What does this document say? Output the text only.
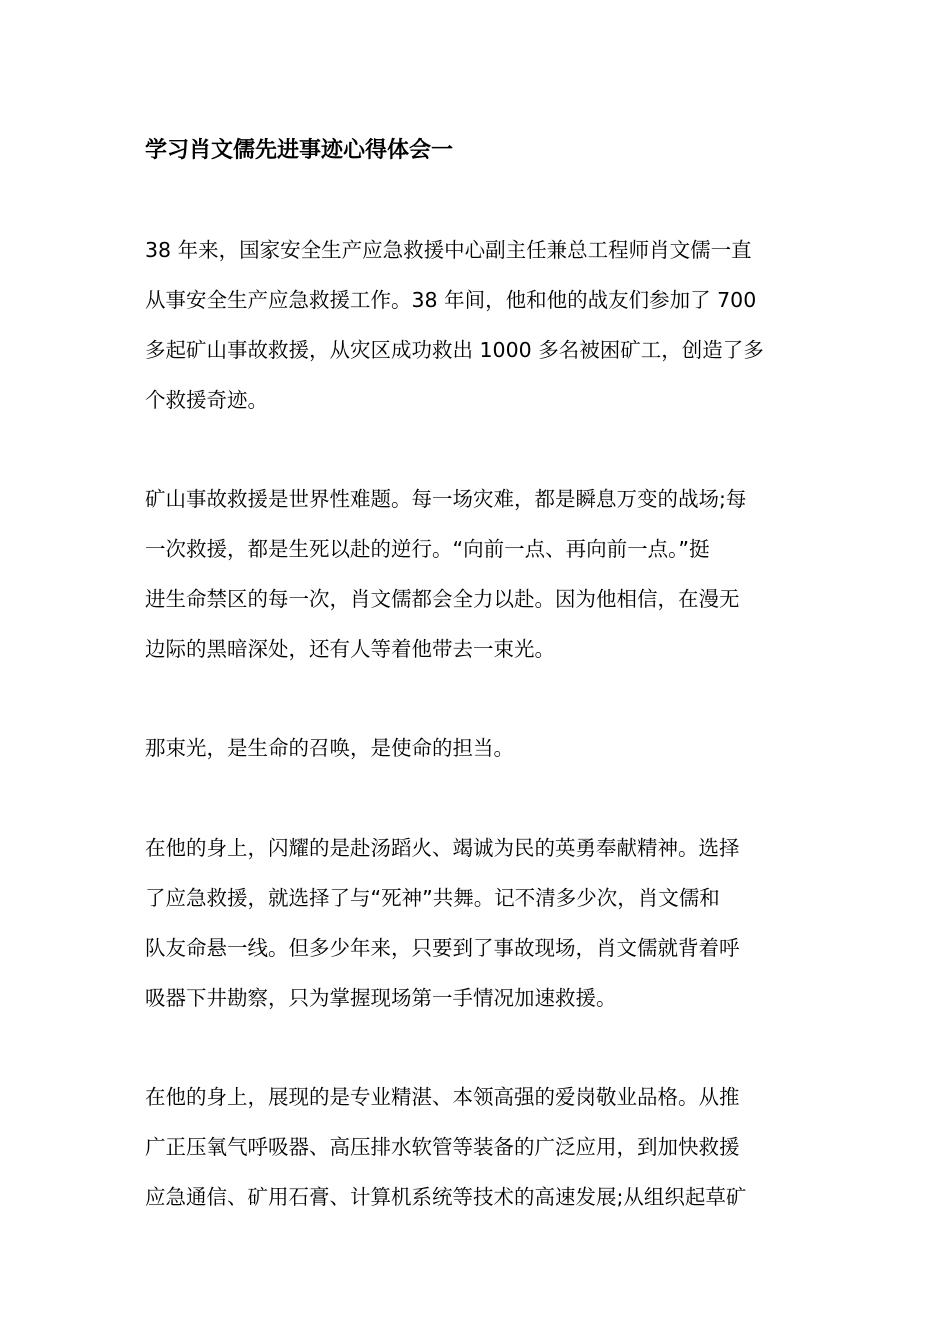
学习肖文儒先进事迹心得体会一
38 年来，国家安全生产应急救援中心副主任兼总工程师肖文儒一直
从事安全生产应急救援工作。38 年间，他和他的战友们参加了 700
多起矿山事故救援，从灾区成功救出 1000 多名被困矿工，创造了多
个救援奇迹。
矿山事故救援是世界性难题。每一场灾难，都是瞬息万变的战场;每
一次救援，都是生死以赴的逆行。“向前一点、再向前一点。”挺
进生命禁区的每一次，肖文儒都会全力以赴。因为他相信，在漫无
边际的黑暗深处，还有人等着他带去一束光。
那束光，是生命的召唤，是使命的担当。
在他的身上，闪耀的是赴汤蹈火、竭诚为民的英勇奉献精神。选择
了应急救援，就选择了与“死神”共舞。记不清多少次，肖文儒和
队友命悬一线。但多少年来，只要到了事故现场，肖文儒就背着呼
吸器下井勘察，只为掌握现场第一手情况加速救援。
在他的身上，展现的是专业精湛、本领高强的爱岗敬业品格。从推
广正压氧气呼吸器、高压排水软管等装备的广泛应用，到加快救援
应急通信、矿用石膏、计算机系统等技术的高速发展;从组织起草矿
